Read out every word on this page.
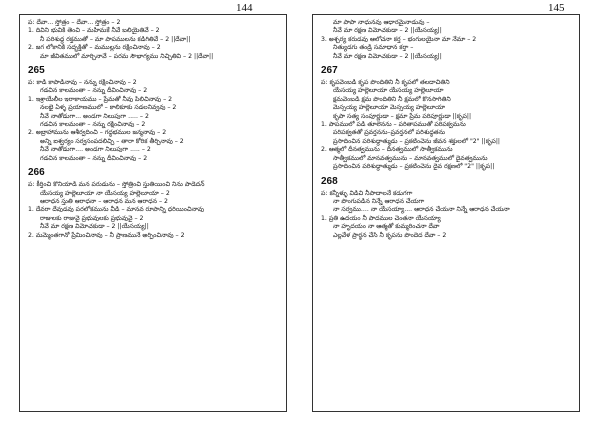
144	145
ప: దేవా... స్తోత్రం – దేవా... స్తోత్రం – 2
1. దివిని భువికి తెంచి – మహిమకే నీవే బలియైతివే – 2
నీ పరిశుద్ధ రక్తముతో – మా పాపములను కడిగితివే – 2 ||దేవా||
2. జగ లోకానికి సద్భక్తితో – మముల్లను రక్షించినావు – 2
మా జీవితములో మార్చినావే – పరమ సౌభాగ్యము నిచ్చితివి – 2 ||దేవా||
265
ప: కాడి కాపాడినావు – నన్ను రక్షించినావు – 2
గడచిన కాలమంతా – నన్ను దీవించినావు – 2
1. ఇశ్రాయేలీల ఇరాకాయము – ప్రేమతో నీవు పిలిచినావు – 2
నలభై ఏళ్ళ ప్రయాణములో – కాలికూకు సడలనివ్వవు – 2
నీవే నాతోడుగా... అండగా నిలుపుగా ..... – 2
గడచిన కాలమంతా – నన్ను రక్షించినావు – 2
2. అబ్రాహామును ఆశీర్వదించి – గద్ధభముల జన్మనావు – 2
అన్ని ఐశ్వర్యం సర్వసంపదలిచ్చి – తారా కోరిక తీర్చినావు – 2
నీవే నాతోడుగా.... అండగా నిలుపుగా ..... – 2
గడచిన కాలమంతా – నన్ను దీవించినావు – 2
266
ప: కీర్తించి కొనియాడి మన పరుడును – స్తోత్రించి స్తుతియించి నిను పాడెదన్
యేసయ్య హల్లెలూయా నా యేసయ్య హల్లెలూయా – 2
ఆరాధన స్తుతి ఆరాధనా – ఆరాధన మన ఆరాధన – 2
1. దేవరా దేవుడవు పరలోకమును వీడి – మానవ రూపాన్ని ధరియించినావు
రాజులకు రాజువై ప్రభువులకు ప్రభువువై – 2
నీవే మా రక్షణ విమోచకుడా – 2 ||యేసయ్య||
2. మమ్మెంతగానో ప్రేమించినావు – నీ ప్రాణమునే అర్పించినావు – 2
మా పాపా నాధునవు ఆధారమైనాడువు –
నీవే మా రక్షణ విమోచకుడా – 2 ||యేసయ్య||
3. అశ్చర్య కరుడవు ఆలోచనా కర్త – భంగులయైనా మా నేమా – 2
నిత్యుడగు తండ్రి సమాధాన కర్తా –
నీవే మా రక్షణ విమోచకుడా – 2 ||యేసయ్య||
267
ప: కృపవెంబడి కృప పొందితిని నీ కృపలో తలదాచితిని
యేసయ్య హల్లెలూయా యేసయ్య హల్లెలూయా
క్షమవెంబడి క్షమ పొందితిని నీ క్షమలో కొనసాగితిని
మెస్సయ్య హల్లెలూయా మెస్సయ్య హల్లెలూయా
కృపా సత్య సంపూర్ణుడా – క్షమా ప్రేమ పరిపూర్ణుడా ||కృప||
1. పాపములో పడి తూలెనను – పరితాపముతో పరిపక్వమను
పరిపక్వతతో ప్రవర్తనను–ప్రవర్తనలో పరిశుద్ధతను
ప్రసాదించిన పరిశుద్ధాత్ముడు – ప్రకటించెను జీవన శక్తులలో "2" ||కృప||
2. ఆత్మలో దీనత్వమును – దీనత్వములో సాత్వీకమును
సాత్వీకములో మానవత్వమును – మానవత్వములో దైవత్వమును
ప్రసాదించిన పరిశుద్ధాత్ముడు – ప్రకటించెను దైవ రక్షణలో "2" ||కృప||
268
ప: కన్నీళ్ళు విడిచి నీపాదాలనే కడుగగా
నా పొంగుపడిన నిన్నే ఆరాధన చేయగా
నా సర్వము.... నా యేసయ్యా.... ఆరాధన చేయనా నిన్నే ఆరాధన చేయనా
1. ప్రతి ఉదయం నీ పాదముల చెంతనా యేసయ్యా
నా హృదయం నా ఆత్మతో కుమ్మరించనా దేవా
ఎల్లవేళ ప్రార్థన చేసి నీ కృపను పొందెద దేవా – 2
